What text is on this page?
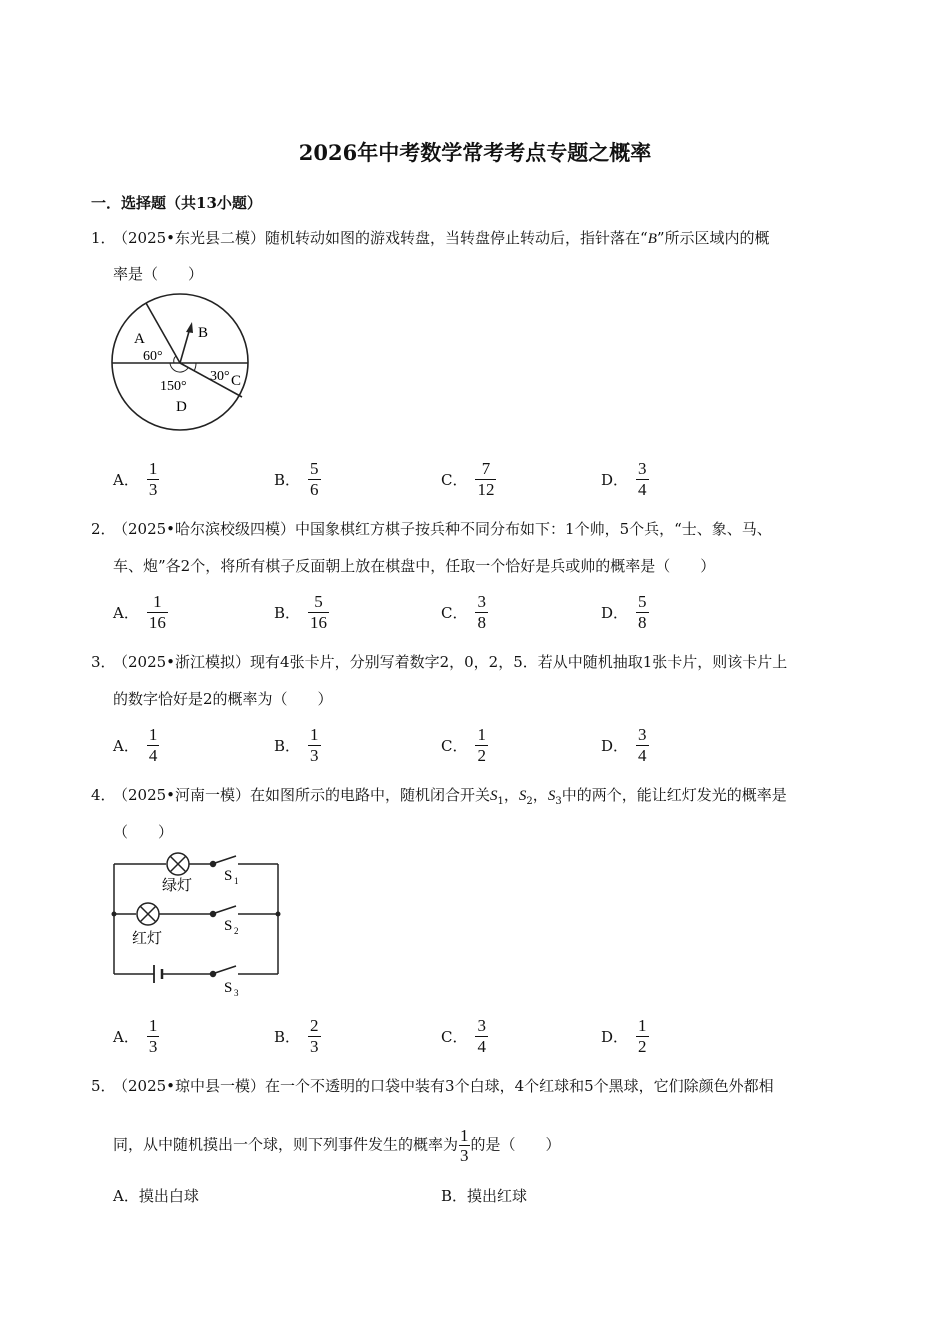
2026年中考数学常考考点专题之概率
一．选择题（共13小题）
1．（2025•东光县二模）随机转动如图的游戏转盘，当转盘停止转动后，指针落在“B”所示区域内的概
率是（　　）
A	B
C
D
60°
30°
150°
A． $\frac{1}{3}$	B． $\frac{5}{6}$	C． $\frac{7}{12}$	D． $\frac{3}{4}$
2．（2025•哈尔滨校级四模）中国象棋红方棋子按兵种不同分布如下：1个帅，5个兵，“士、象、马、
车、炮”各2个，将所有棋子反面朝上放在棋盘中，任取一个恰好是兵或帅的概率是（　　）
A． $\frac{1}{16}$	B． $\frac{5}{16}$	C． $\frac{3}{8}$	D． $\frac{5}{8}$
3．（2025•浙江模拟）现有4张卡片，分别写着数字2，0，2，5．若从中随机抽取1张卡片，则该卡片上
的数字恰好是2的概率为（　　）
A． $\frac{1}{4}$	B． $\frac{1}{3}$	C． $\frac{1}{2}$	D． $\frac{3}{4}$
4．（2025•河南一模）在如图所示的电路中，随机闭合开关$S_1$，$S_2$，$S_3$中的两个，能让红灯发光的概率是
（　　）
绿灯
红灯
S 1
S 2
S 3
A． $\frac{1}{3}$	B． $\frac{2}{3}$	C． $\frac{3}{4}$	D． $\frac{1}{2}$
5．（2025•琼中县一模）在一个不透明的口袋中装有3个白球，4个红球和5个黑球，它们除颜色外都相
同，从中随机摸出一个球，则下列事件发生的概率为 $\frac{1}{3}$ 的是（　　）
A．摸出白球	B．摸出红球
